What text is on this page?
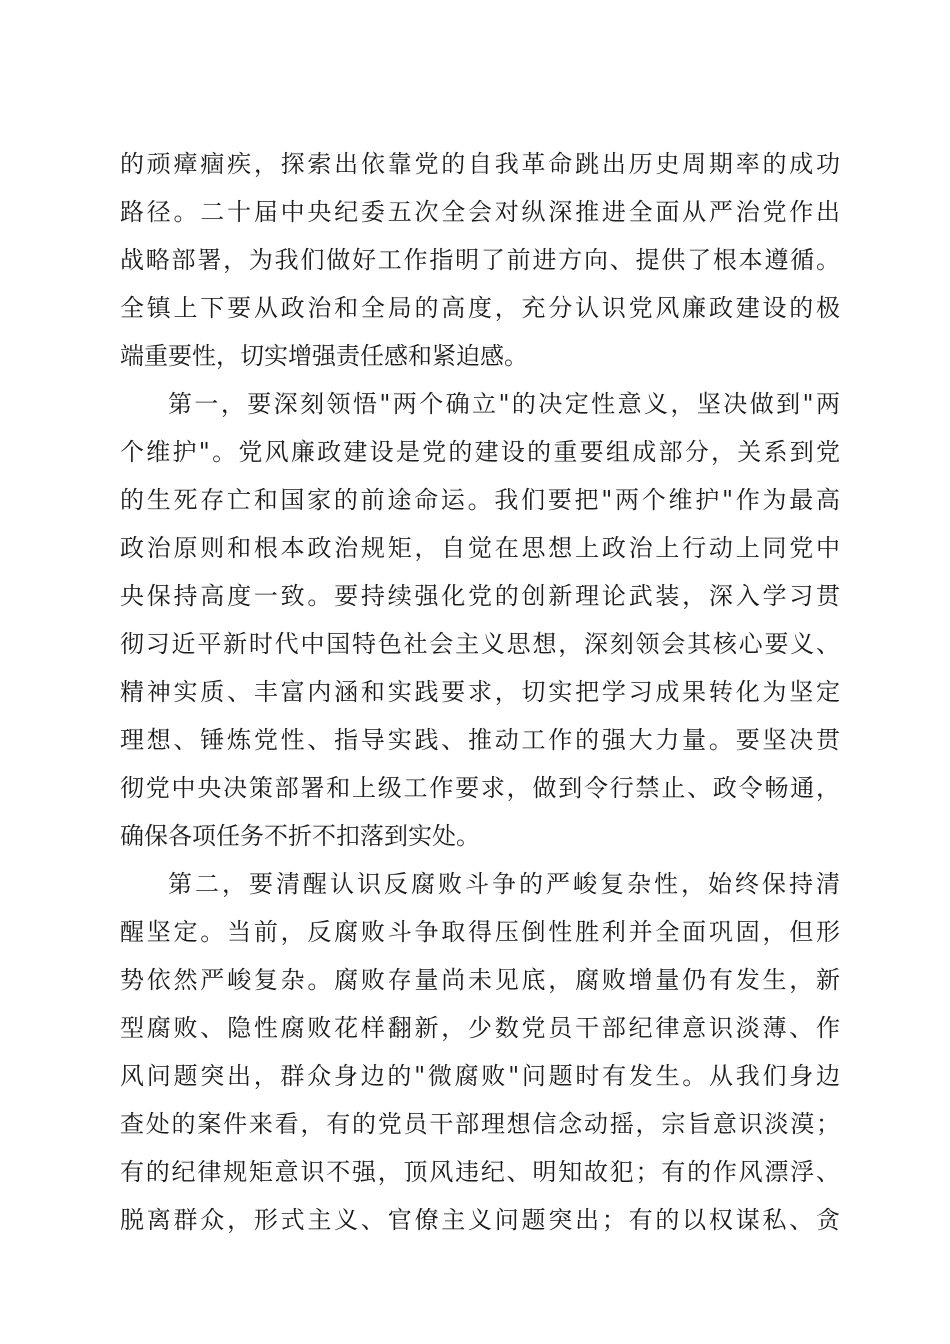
的顽瘴痼疾，探索出依靠党的自我革命跳出历史周期率的成功
路径。二十届中央纪委五次全会对纵深推进全面从严治党作出
战略部署，为我们做好工作指明了前进方向、提供了根本遵循。
全镇上下要从政治和全局的高度，充分认识党风廉政建设的极
端重要性，切实增强责任感和紧迫感。
第一，要深刻领悟"两个确立"的决定性意义，坚决做到"两
个维护"。党风廉政建设是党的建设的重要组成部分，关系到党
的生死存亡和国家的前途命运。我们要把"两个维护"作为最高
政治原则和根本政治规矩，自觉在思想上政治上行动上同党中
央保持高度一致。要持续强化党的创新理论武装，深入学习贯
彻习近平新时代中国特色社会主义思想，深刻领会其核心要义、
精神实质、丰富内涵和实践要求，切实把学习成果转化为坚定
理想、锤炼党性、指导实践、推动工作的强大力量。要坚决贯
彻党中央决策部署和上级工作要求，做到令行禁止、政令畅通，
确保各项任务不折不扣落到实处。
第二，要清醒认识反腐败斗争的严峻复杂性，始终保持清
醒坚定。当前，反腐败斗争取得压倒性胜利并全面巩固，但形
势依然严峻复杂。腐败存量尚未见底，腐败增量仍有发生，新
型腐败、隐性腐败花样翻新，少数党员干部纪律意识淡薄、作
风问题突出，群众身边的"微腐败"问题时有发生。从我们身边
查处的案件来看，有的党员干部理想信念动摇，宗旨意识淡漠；
有的纪律规矩意识不强，顶风违纪、明知故犯；有的作风漂浮、
脱离群众，形式主义、官僚主义问题突出；有的以权谋私、贪
